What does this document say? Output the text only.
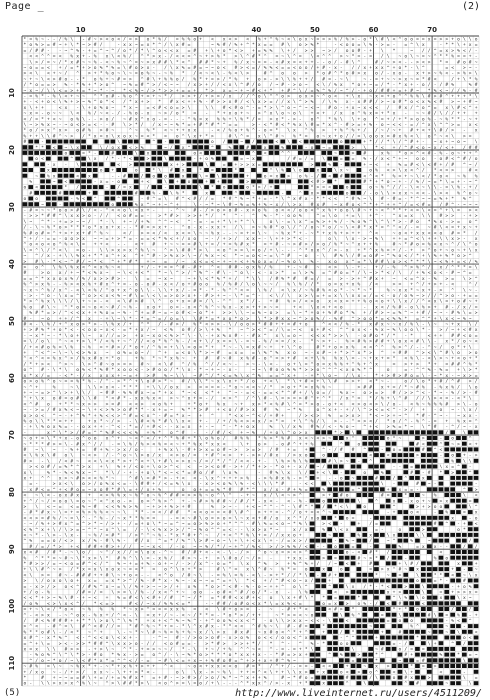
Page _	(2)
* = % ~ - - / % \ - # ~ > < o < / = > o * % / = % % o + < x < > < % + ^ % ~ < \ o x ~ = = > % / % > - o * \ # \ < ^ o o = = x = > > + o \ \ o
* o % > = # ~ + \ * ~ > # /	- x x ~ = x * ^ / \ x # =	~ % # / % + ^ * x = = # \ o > % *	- < o o = \ % - > = - = ^ \ x	- * * \ + x =
= / # # - - ~ ^ % - + = ^ ~ ^ / o * / * \ ^ o < < x = # + \ + o * < > + = % % \ + / > > ~ > / o o # - + \ *	~ / / ^ = x > % < / -
< < ^ ^ = < % x + - % x \ < % / ^ * > x - / < < = ^ ~ + > % * > \ ^ # * ^ = ~ \ ^ = \ < ^ ^ > ~ * = - = / \ ~ o \ ~ = ~ ^ * * % = = + -
\ > / = ~ / * x # ~ ~ % - < ~ % ~ ^ = ~ > x # # \ * < ^ # # * ~ + % / x ~ = = - < # x = < + + - - o / - # \ ^	# / ~ > < - - > < > * = # o # ~
~ o = = < + / = * + > o % * % = \ # o > x - / \ x % = # = ~ ~ o < # > < = / % % < = = < o o / + # - x - / / x + x x ^ + o * - \ ^	= < > ~ -
> < \ < + ~ / ^ > + * % o ~ \ ~ = o % ~ - ~ % * / < ~ < \ - % < \ >	# ^ o o > * o # ^ * o # > x o / - x o - x + > ~ % < - > % > \
~ + ~ \ < > # o - - * o % + ~ # = > ^ # \ + % % o / % * + = > / * % + o > - > \ \ % + + / # = - ~ \	~ - = + ~ ~ > x ~ = * # <	/ + \ * %
/ * o = = > % - * % + * > o ^ ~ % = # ^ > / < ~ ~ / x > + / / < x \ ^ # / o / ~ # - > o ~ < \ / % x * o + ~ = / * - * x + - o / - / # %	% #
~ x ~ / \ \ < = > + = * ~ * - ~ * < % ~ / > * > > + = = + * > x = ~ + ~ # < + * + # ^ \ / = % ^ % / ~ ^ / - + o / # # + = + # ~ * % < ~ / / % - #
- = % * - % \ < + ~ ~ ^ * x # - % o ^ + = + ~ * / > > + / + > = / x / / ^ o \ ^ ^ o > o x > ~ ^ o < + \ x ~ x = + o ^ ^ % % \ # > # ^ + + + * \
+ - < + o < \ % + > ~ % ^ o * < / * x + > * # x < + + % - # > > x # / < \ x > = / / x \ ^ > % / \ % x - x # # / > ~ o # * o < x % < # > ~ + # ~
x \ + +	< x - \ + o % o ~ * x ~ = < # < o = > \	\ \ # < # o ^ - = * > \ ^ o ~ ^ ~ < ~ # o - + x ~ x < < / # x / ^ o ^ = x \ # < ^ +
~ x = - o ~ ~ \ < % / ~ < - / - % o - x ~ > / o * = - * + x o + ~ > ^ x \ o ~ o \ + < + / x o ^ % x = + * x - ~ ~ # / \ / / + + +
< / = * + < ~ o % \ - - > o / ~ # x ^ x o - = - - - ^ % = x % % + \ % * / = > x * - > - o ^ * % \ \ + o ^ = + / + * > o o % - ~ % * * - ~ +
\ ~ > % x ~ - ~ o < > = < - - # \ > * / / x ~ ~ % * = + # * # * ^ = =	> - < * # < * % x \ # = * x ^ - # > = + % - o ~ < < - = / ^ x \ ^ ^ > = x <
* o / > x ^ x > o # % > # ~	^ ~ % * < ~ + + x x	- < / % o + % ^ - o = * \ x ^ % > + % ^ % + / / ~ / ~ + # + < + \ # / > - x
% + + \ \ # ^ ~ > / * x = x \ x o x ~ = < * = o ^ \ x + * >	# \ ^ = x \ ^ # ~ % * = o ~ x + o / / = \ o o x = # x % < \ o ^ ~ < \ > =
#	-	\	^ -	o /	~ /	< \ <	o	+ * / / * \ / ^ # + - ~ x + ~ o ~ \
* * < ~ \ x	\ / o x < > %	~ / x ^	^	%	#	x	%	- o ~ =	> \ * < + / ^ # < o ~ x / < + / # #
o	= * -	#	\ x	o <	^ <	^ ^	~	> #	x % * o > ^ < # - % - o ~ + + ^
o <	^	\ x / * - * <	>	\	- + o %	= ~ x	/ # = / = \	= = % - / x < ^ + ~ o o - o # < ^ # / o
- x - \	< >	x + >	\	= + > > x =	>	% -	+ ~ < + % = # < \ < # + / # ^ ~ /
x	o +	o	* \ # x	* =	*	^ \ % \ o	x	\ x ~	o % < > \ x < ^ / * < = >	# <
~ % x	< x	- - #	/ o o	x	\ = \	+	o = x > o % - / < #	< ^ < * % = + ~ \ < / * o < ~ % %
%	~ <	- x = - o	+ <	\ + o	+ +	>	< # > *	# * + * o ~ + - / % / ~ = * \ = + - ~ ^
o <	* /	- / = x	/	-	\ * o	o * > / +	* > = <	o	o ~ % ^ / / - \ < ~ \ \ - = \ % - + /
#	#	+	#	% - \ % *	x	^	~	-	^ x >	o	/ - o \ \ > x x ~ < < - \ > < % ^ o ~
o o	- % < ^	^	- # ^ = \ # ^ < # / / = * # ^ % ~ * + = - * \ ^ x # x - * * < < ^ # % ~ \ # - # = - * ^ ~ ~ = % + * % ^
~	-	o	% x ^ ~ + ~ ^ +	\ - ~ * ~ \ # ~ % = % + % ~ x / \ > x # x # ~ x # o < ^ * + ^ + + ^ / = < # = / # ^ - ~ ~ ~
- # = ~ ~ * o o > # \ / < - ^ < < o \ < x + -	- ^ ~ # - / > o > o # - x > o % o < < / o o < ^ x % + o o \ # ~ + ~ < ^ * * + < = \ < = ^ + \ = > <
- > > * # # ^ \ x x > o - / / < o # = = - > * # > > > + * / * ^ - ^ % - * - o o %	^ = \ o + = \ + ^ - ^ x = x \ \ # > > - + >
\ ~ ^ * - + = > ~ ~ / * - \ + ~ / + % ^ ^ ~ < ^ - = - = + * \ + * ^ \	o \ - = \ x ^ = % > + % / - % o % ^ \ ^ \ * > - # o * % x - > = o ^
/ - \ ~ % * o > * * * o * x x + x - - * # = > x + - ^ o - x - x x + / \ > ~ % # * o \ / ^ / o ~ * o / ~ \ < # * x * = ^ ^ < / - = ~ # \ < = + x ~ +
% # o # = ^ + > + x + # ^ % ~	< / > = < / < x < = \ ~ ~ % x - - ~ = + = \ ~ ~ % x * + - ~ * + x % + > + + ^ <	~ o < + x x < < o # = * /
^ + / - = = - o o > x ~ ~ = + > * = - = = < * % < + / x o ~ - / + > / x x ~ - \ + + > * < -	o \ \ x - > ~ % \ + + = ^ < \ + + \ \ x > - x
^ o < o < o ^ % < \ = + + < - - < + # + ~ ~ = = # \ + = / + = % # x * = + # - ~ > # > / > o / % * ~ ^ x + + %	# ~ * # o = % < x ~ ^ / \ ^ o
\ = ^ \ / ^ < \ = o - \ \ > x > x ^ % \ ~ ^ > \ # # * > \ < o ^ > = \ = o / + \ - - - ^ * x x ^ / > - x + * ^ x % = + / - + > ^ o + ~ o ~ + \ x
~ ^ / x - + \ \ % x + * * x ^ + x ^ + ^ # - > % x > \ ~ / % x ~ < * ~ = o < ~ = \ ^ # ~ o - \ # % \ / # = o # ~ ^ % o < / * + \ % + % * o > ^
> # \ - * < ~ ^ # / ~ * < ^ + * # * + ~ = / ~ x < = < ~ + ~ + < + % o x = / ~ % o \ % - x o x ^ = * \ # # \ o > < * * * \ ~ < % + = < / %
> o ^ \ % \ % x < ^ < x % ~ <	+ / - + = = ^ # - # + ^ < # # - o x % / %	+ - ~ # ~ < > \ - + - + / - % ^ > % ^ / x / ^ * * = \
#	> o x / + ~ * < % x ~ ~ \ < + < * * ~ \ ^ > / ^ % ^ - # \ - ^ o \ - < - x > * = \ > % = ^ # o = * / \ ~ > * < / \ / + % < o < - # ~ ^ =
= = ^ * x x o x % / % / x > > # > - \ = ~ x ~	~ + \ < * % * + / * \ \ / # % * # # = / = > - > + ^ # x + ~ < = ^ x - % > = \ > ^
% ^ > x % - - % > < x % + # x ^ + = - o - o # - x < / o + # o o % / % # / \ o \ ~ ~ / % \ % / / * o = x + x % / <	> = + ^ / + > + - <	^ /
~ x ~ ^ % / x ^ - < \ < % / ^ o + x ^ o \ \ - \ \ + x / - = * - * - % ^ ^ < = \ % / < \ x / ~ % # % < o * - ~ * ~ *	% ~ x x * ~ x + - > ^ \ ~ -
- > - ^ o - \ x = ^ ^ o > < x < % ~ # \ = \ < \ = > o > x + - # > + ~ - \ * = ^ - < \ / \ x > \ = + = x \ \ x x = / = < - o / o % ~ > / / ^ > o - + = =
* > ^ % x \ \ \ / \ + ~ > - < < \ # > # \ ^ o + x = # = / \ - ^ ^ x * / - + # % > / < > o x < x = + + % o < o + \ \ x / / ^ < x \ = + o # ~ +
% o # \ ~ ^ * o = ~ o < ~ # / ~ % - x o + o = - x < ^ % ^ ~ % x - x > + + > ~ =	+ < \ x < + < o	- x < / % # - o \ % > + # - / x / =
% # * = > / ^ < < x + + % o = ~ % - ^ + = # ~ = ~ o # < ~ o * + > > \ \ ~ = % ~ o > = \ ~ * + o + % # o * % + / # > ~ = % ^ ~ + # / ~ ~ - # % \ = >
# - ~ o + + / ^ x - + \ ~ \ * - * = ^ = / o = \ \ # * = * x o * o > \ * > # x x ~ ^ > o % / - % # ^ > o o * = < % % * = ^ ^ + \ x < ~ % ~
# < - \ % / + ^ x o > * > - \ % x / + ^ * / - # > / % * < > > - \ / o o > * # # + + = # + o	^ < < / % - * x # x ~ ~ x / % \ - \ ~ ~ + x \ /
+ > # % * + o * < - < o o ~ x < - = * + x / ~ < % o # / > \ + % * ~ ^ > < ^ = / \ = ~ < o + # < ^ ^ o x < - % x ~ % \ o o \ * - > / ~ + < # x
- ~ x * ~ - * \ o + \ ~ x / / = > + x ~ x o < % > ^ \ - \ - + x % x # - - # x ^ x \ = o ~ < < x * > > \ - o # o * / * - *	< + + # # < o =
= \ / o \ ^ ~ < + > \ * / < % + ~ ^ / / < o * % ^ % - / < + \ / x = > \ - = ~ - % / = = / x - * ~ > + - % = # % > # # + \ o x < # \ \ - x * / o ~ <
/ + < # o % = \ % ~ % = + # > / * o + / ^ % = + \ \ = o = * + * ~ - \ = x # ~ + + \ ^ o	# * + o > x % < < ^ ^ % > ^ / - - ^ ~ / o * + \
+ ^ < ^ ~ \ ~ \ < > % x ~ o % = o ~ / ^ + = < o \ * > ~ # = x = = \ % ^ % x o ~ - x # ~ + * > ^ x * > ^ + # # ^ > < \ ^ # \ o > o
^ < ^ < = % x ^ > / % x # x + * o	+ % * ~ * x % ~ + # # ~ # x % # - o ^ = > + # < + \ % % x \ = - ~ + x + = * < % \ - < \ > ~ + < o + *
/ * + > < ^ > ~ \ > ^ # ~ o > = > # ~ < \ # ^ / % ^ / / < ~ - > ~ - \ < - o + \ = ^ o = x % % + ^ % + ^ x	= > + > * + = # # ^ % *
o ^ # - \ * \ o % < * % # * x o o < - > # o o / * \ x - * ~ + ~ - x -	~ ~ \ # o o % % * > > o ^ ^ ^ < x o % * ^	o	= - ^ ^ % - % = + \ > *
x * x / = - < * - / x x x x + ~ = + > # % ~ \ \ ~ # ^ / * < = % \ x ^ % = = ^ x + - + * \ o ~ / \ x - * + > # > # o = \ - ~ * x - ~ x > =
o > o % ^ o ~ = = % * % - / ^ - > * ^ + \ o # > * ~ # / \ \ * ~ x \ x + * / o + < \ * \ + # = + \ \ # > > + < * ~ -	o / \ o * + # / ^ # > /
~ ^ +	%	~ \ \ \ > x < - * * * + \ \ / o x > = = = = - * o ~ < < ~ / * > o + * = x % % ~	> # # x + = / * ~ # % - % x % / \ o
+ ~ ~ = > ^ \ > + \ \ / ~ # # - % % # x ~ = * + x * ~ < < * + ^ ~ - = < - = = < * ^ # + / \ o = / % x ~ o > = > # / > > ^ < - * ~ - % / > - #
^ + \ x o # = o # \ \ # * < # * - x x % x < > ~ ^ x + = - / < > ^ / ^ \ # - \ = > = > # ^ + ^ * / x ^ = * / % + \ ^ # / / \ > < = - < * \
< ^ # o + * * ~ x > > > = # < < > < o % +	+ * o + % x ~ + x > * < % # \ ^ = * > o - o + < < > o < > \ / o - < % ~ % % % # > \ - o
~ - > = / # x % < ~ ~ \ + < > % > o # * * - x + = ~ % * * > # + < o / # > x # % ~ * %	o ^ x + - + / \ ^ > < = < ^ - > / + - o ~ - \ x /
o > o < ^ ~ - + ^ % * + % < < > ^ # = < x ^ - # = * x ~ + ^	* < x ~ ^ < / + # +	/ > < > % = > x > * < ~ > + ~ ^ * # - ^ ~ - ~ x x -
% o \ \ * * = + +	+ x * ~ / > - \ # < % * # \ \ x < + - / + / % < > < x / > * = + \ ^ % / \ > - - ^ = > < / * o / ^ - % ^ - = + % x = ^
- + \ % o x % = - - o x + + - ^ < - * = / + # < - - x = x + - ~ ^ - * + o x	% \ / x % # % / < - % o ~ ^ + < > % = * ~ \ ^ # - ^ / ~ - x
-	x ^ \ * > / # = ^ ^ % # < < < % + % * o ^ # - - / # / < + ~ % / + o \ ^ o > x	* > \	/	\
~ o + = \ * + x - o ^ o o x ^ + ~ < ^ < / + ^ * % # + * \ o % o / # % % * % > * % # x < ~ < > ~	x ^	o * ~	>	- o	^
~ * * * # > = \ - # x ^ / / - = \ % / % > < % = < ~ + * % x * x x <	\ + o > - o # ^ + + %	^	o	# <	^ ~ > < +
# ~ \ ~ - % + = # + % - > x / o -	+ % x \ - # + > x = o # ~ > > = > / # + = +	^ - / # # ^	- o =	# ^ <
< \ % x \ # o \ ~ < > / - ^ o ~ \ > o / x < > o / = + # ^ < > + - > > / # x / > x o	o	<	<	>	- o + - >
# > - \ / < # ~ < < \ < x * > + ^ < + \ + # \ = > x ~ / = / * / ^ / < < - + - \ % > % \ %	# \ > ~ - ^	% \ \
> < o # / = % * ^ > x + \ % + / < o + \ o > ^ < < ~ > < o # - > + / * + > - * o + - x / ~ /	- - =	\ x = ^ -
x \	% * - % < % x ~ ^ * \ / - + - + o \ * < ~ < * = # o / # \ x %	- # % \ x \ / + < \ -	o	%	# - # * >	^
x + ^ ^ x > ~ # > < < % * ~	^ # \ = # * > - + < < - \ x ^ + + + > % - > % # x % - > ^ = - - o ~	#	/ ^	x
= -	> x < \ o > / o % x < = - \ # # + / < = % \ x - x > < o % \ % - < \ \ \ * #	- < <	\	\ -	# ~ -	-
- x # < = ^ + < # o = ~ x o # * # \ = + / x + %	o o + = = % * # # * ^ x / x - # + % =	%	= ^	+ x = = -	^ >
< ~ \ < - o x # x + < > % % x ~ % ^ o ~ % ^ # # = > > % ~ o ^ \ ^ - + ~ x / \ < ~ > ^	> + # o	# =	*	~ %	\ <
+ ^ / ~ / = o o \ = o ~ ^ < ^ x o - > o = ^ % > ^ + - ~ # > % # # ~ / # / * - x < - < - % -	o	\	^	x - x o + ~ > x	=
> \ < ~ = < = % ~ # < < % % > % ~ + > + % > + #	% > ~ - + < ~ ^ ^ - ^ - \ # ^ * / * < \	o	^	> + > o o	\ ^
- # * # x ~ \ = + = % > % % < ~ ~ \ * * - = < / # # * < < o = = < # \ # ^ > + + = - ^ / o + = < ^ ~	- +	o <	- %	= x
< < > = # % / ~ = \ ^ - ^ % - / ~ x * * % = =	- = < ~ # \ o = > o = \ ~ x < + # / o x ^ * / x o	* o =	-	x	- o
- ~ / % + > # x ^ = ^ > * ~ / > + - / = + o \ * ~ = ^ ~ = o > % > o + * ^ ^ - # \ % = < o ~ * % \	> < -	+ / =	# ^ - + <
< % ^ x + \ / \ > = ~ ^ ^ ~ x ^ \ = / - \ < % x > > / ^ ~ % o ^ ^ = < - - \ x > x * ~	x / x	% \ < x	= -	o	>	o *
< ~ * - \ > - \ x - ~ % / = # * / > ^ ^ ~ % - * x * # + ^ ~ / + < ^ * % \ + = / / x x o +	~	% x	\ x	\ \
^ % = = o / < > x / % - # \ % - # / x ^ = * / % ^ \ > # ~ o ~ \ + \ + < x \ + - / = x > /	- % ~	/	~ ^	%	~	/
# / = / * > + < # # + # > + / / ~ ~ x < / - o ~ ~ % / * / ~ + ^ / % < > / > % % / < - - o	=	-	%	= x x - -	/ /
x < # / # * - ~ \ o / ~ ^ / x / / = \ o x - ^ ~ # / # + < - < - \ - / > ^ o ~ x = > < > ^	o - < # * /	<
% ^ * * = ~ # ~ \ * x > \ * # % ^ \ \ = - x % / # > ~ - + > \ # o / ~ / > -	+ x x -	> =	# ~ > * /	-	% o
* # > > / = ~ < o = # ^ < / ^ % ~ + = + % - o + ~ / - > / x ^ - o = * \ x ^ % > + % ^ % + / / ~ < + #	+ \ # /	x	+
+ \ \ # ^ ~ > / * x = x \ x o x ~ = < * = o ^ \ x + * >	# \ ^ = x \ ^ # ~ % * = o	x	o	= > x ^ # ~ x	+ - ~
< \ > = # ~ - # # # + + # \ ~ + o < - - < ^ o / # ~ \ - = % \ = % - < \ - > + * / / * \ - # +	* ~ =	\	* * < ~ \ x
> \ / o x o \ o + x = = x * > ^ / % - # * x - % ~ - x ~ ~ = ^ = + \ * < + / ^ # < o ~ x /	+	o	= * -	#
= - x > / > o < ^ / # % ^ x ~ = \ / % + > ~ ~ > / + x % * o > ^ < # - % - o ~ + + ^ o \ ^	^	\ x / * - * <	>	\	- + o %
+ / o - %	/ # = / = \ > = \ / % - / x < ^ + ~ o o - o # < ^ # / o / * - x - \ %	< >	x + >	\	= + > > x =
< < * + > ~ % \ # - + ~ < + % = # < \ < # + / # ^ ~ / * = * # # < x # + < o \ x + # \ * * =	*	^ \ % \ o	x	\ x ~
/ o % < > \ x < ^ / * < = >	# < / ~ x / % % < = *	- - # # / o # o < x * \ = x % < =	o = x > o % - / < #	<
= + ~ \ < / * o < ~ % % % * ~ x > ^ = = = x x % = < \ # + o > = - ~ - # + * <	< # > *	* + * o	/	/
^ - < > x - ~ ^ o x - % x + / ^ < - \ = x + / ~ - < ~ / * * = - * o * > / + +	~ * > = < ~ o	\ % ^	=	\	# \ = % - +
/ # < % # # # + + * * \ > o \ ^ \ % * + x + < ^ % ~ % ^ - + ^ o o % < x < ^ - o \ \ > x x ~ < < - \	<	= o o	- % < ^
> ^ < - # ^ = \ # ^ < # / / = * # ^ % ~ * + = - * \ ^ x # x - * * < < ^ # % ~ \ # - # =	*	~	% ^	~	-
% * * o # \ - / < * ~ ^ +	\ - ~ * ~ \ # ~ % = % + % ~ x / \ > x # x # ~ x # o < ^ * + ^	+	/ *	+	#	~	~ \	<
x # ^ - x * % ^ < - ^ < < o \ < x + -	- ^ ~ # - / > o > o # - x > o % o < < / o o < ^ x	- ^ ^	+	*	o <
= ^ + \ = > < - > > * # # ^ \ x x > o - / / < o # = = - > * # > > > + * / * ^ - ^ % - *	o o	= - /	\ +	^ /
x = x \ \ # > > - + > \ ~ ^ * - + = > ~ ~ / * - \ + ~ / + % ^ ^ ~ < ^ - = - = + * \	\	~ #	o / = =
- % o % ^ \ ^ \ * > - # o * % x - > = o ^ / - \ ~ % * o > * * * o * x x + x - - * # = > x +	^ %	>	* ^	# +	%	* = ~
^ / o ~ * o / ~ \ < # * x * = ^ ^ < / - = ~ # \ < = + x ~ + % # o # = ^ + > + x + # ^ % ~	=	*	~	= #	\
~ # % = \ ~ ~ % x * + - ~ * + x % + > + + ^ <	~ o < + x x < < o # = * / ^ + / - = = - < <	+	~ x >	* = >
+ / x o ~ - / + > / x x ~ - \ + + > * < -	o \ \ x - > ~ % \ + + = ^ < \ + + \ \ x > + x	o < > o ^	< \ +	<	-
*	# + ~ ~ = = # \ + = / + = % # x * = + # - ~ > # > / > o / % * ~ ^ x + + %	# ~ * # o =	#	/ \	o # x	>	\ =
o - \ \ > x > x ^ % \ ~ ^ > \ # # * > \ < o ^ > = \ = o / + \ - - - ^ * x x ^ / > - x + *	x	^	\	^ #	~	\
10	20	30	40	50	60	70
10
20
30
40
50
60
70
80
90
100
110
(5)	http://www.liveinternet.ru/users/4511209/
